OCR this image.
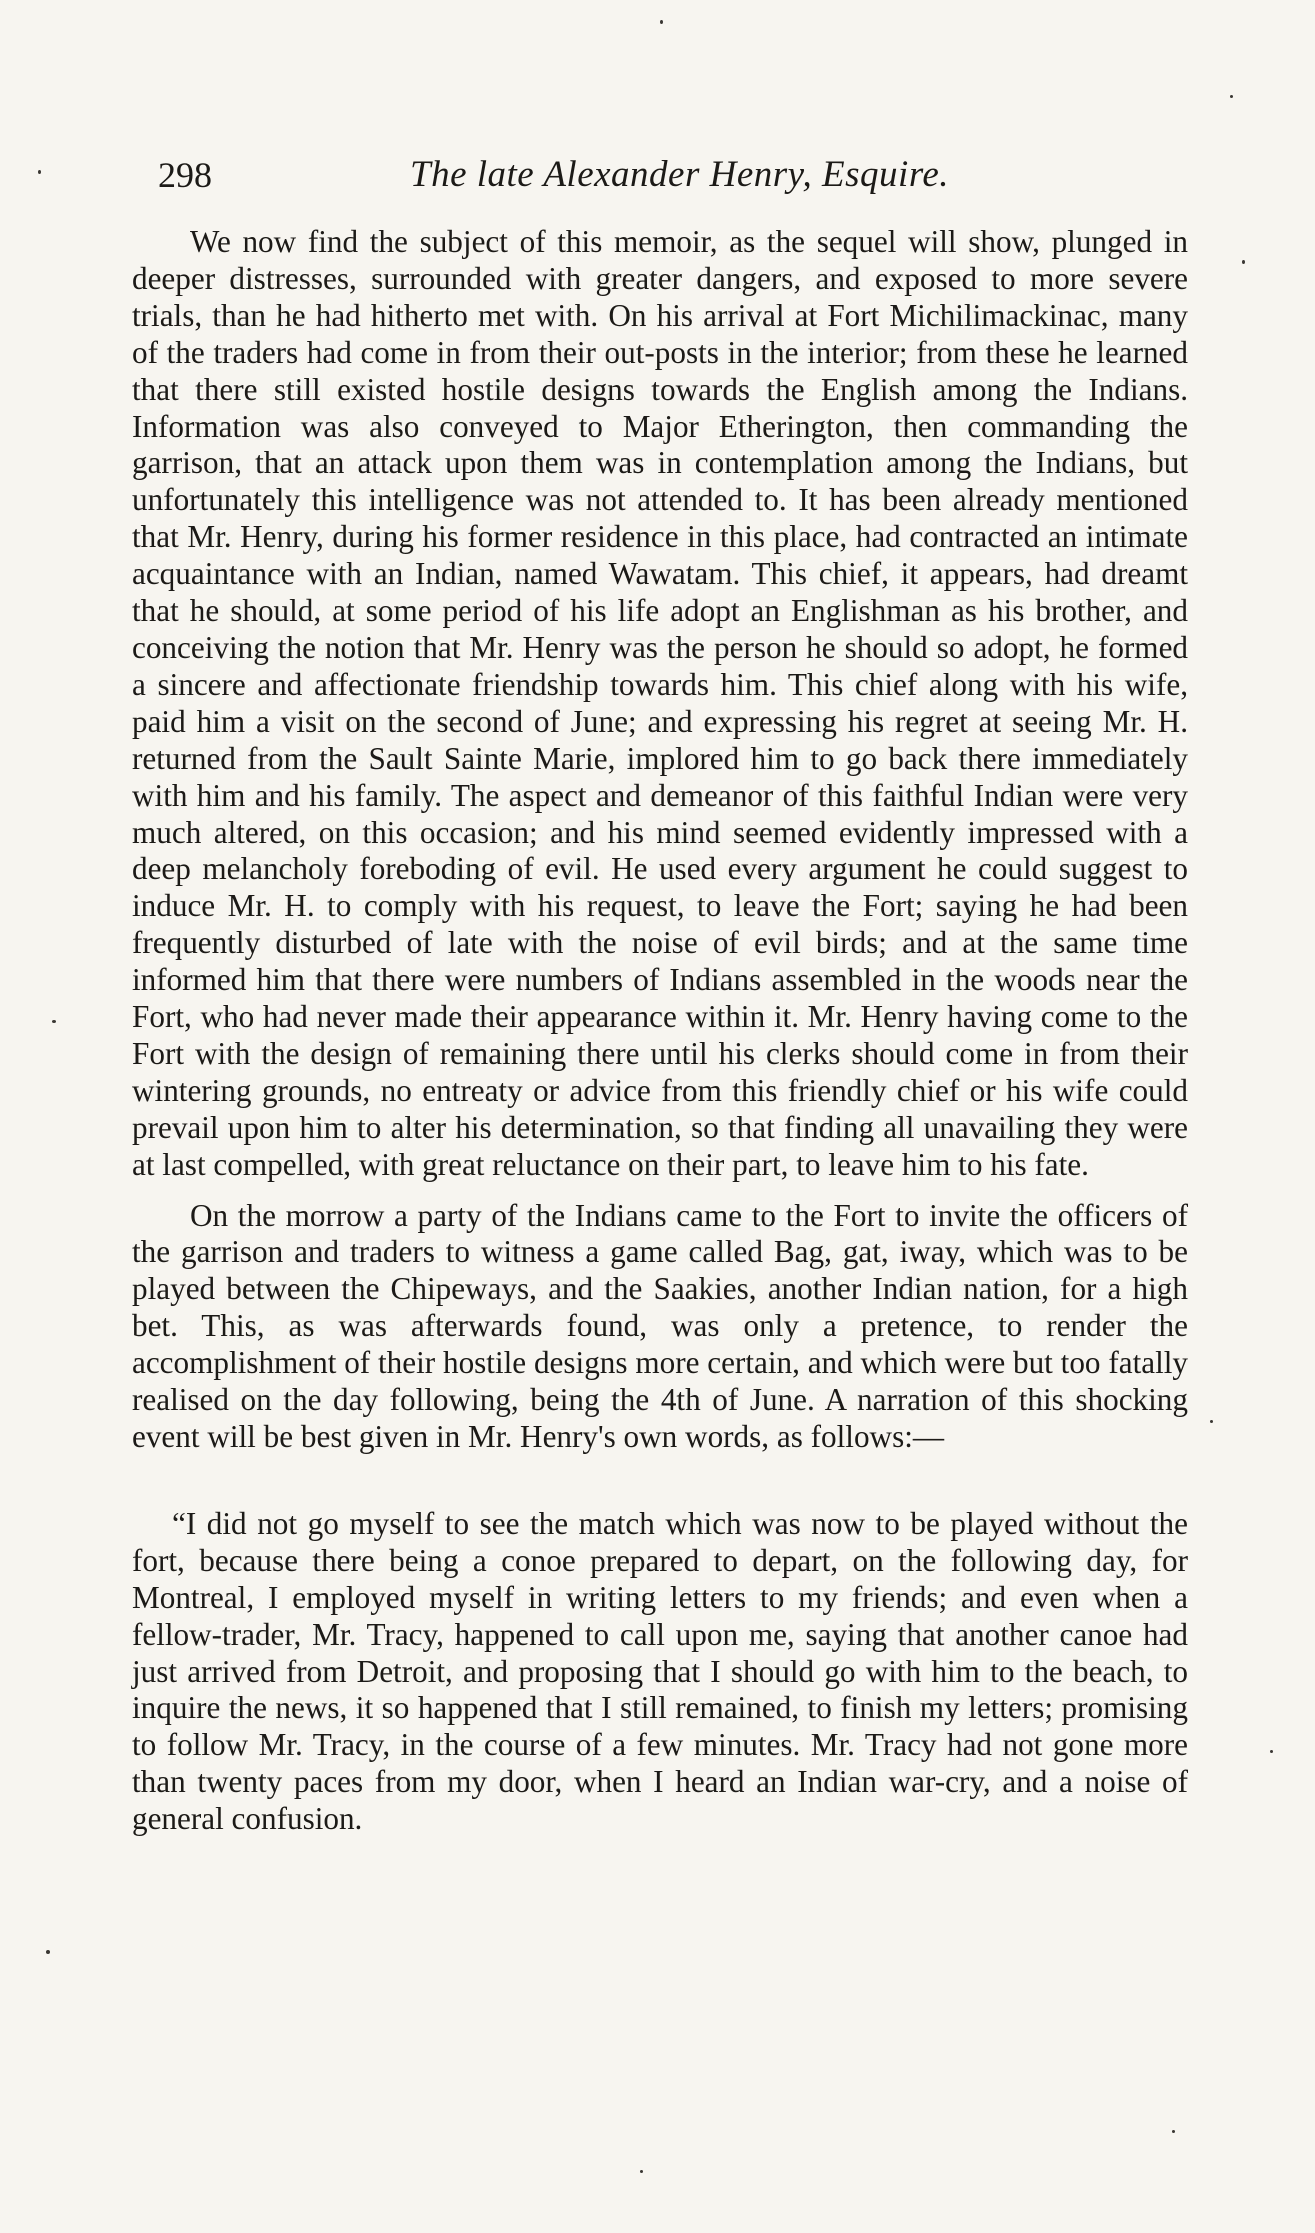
298	The late Alexander Henry, Esquire.

We now find the subject of this memoir, as the sequel will show, plunged in deeper distresses, surrounded with greater dangers, and exposed to more severe trials, than he had hitherto met with. On his arrival at Fort Michilimackinac, many of the traders had come in from their out-posts in the interior; from these he learned that there still existed hostile designs towards the English among the Indians. Information was also conveyed to Major Etherington, then commanding the garrison, that an attack upon them was in contemplation among the Indians, but unfortunately this intelligence was not attended to. It has been already mentioned that Mr. Henry, during his former residence in this place, had contracted an intimate acquaintance with an Indian, named Wawatam. This chief, it appears, had dreamt that he should, at some period of his life adopt an Englishman as his brother, and conceiving the notion that Mr. Henry was the person he should so adopt, he formed a sincere and affectionate friendship towards him. This chief along with his wife, paid him a visit on the second of June; and expressing his regret at seeing Mr. H. returned from the Sault Sainte Marie, implored him to go back there immediately with him and his family. The aspect and demeanor of this faithful Indian were very much altered, on this occasion; and his mind seemed evidently impressed with a deep melancholy foreboding of evil. He used every argument he could suggest to induce Mr. H. to comply with his request, to leave the Fort; saying he had been frequently disturbed of late with the noise of evil birds; and at the same time informed him that there were numbers of Indians assembled in the woods near the Fort, who had never made their appearance within it. Mr. Henry having come to the Fort with the design of remaining there until his clerks should come in from their wintering grounds, no entreaty or advice from this friendly chief or his wife could prevail upon him to alter his determination, so that finding all unavailing they were at last compelled, with great reluctance on their part, to leave him to his fate.

On the morrow a party of the Indians came to the Fort to invite the officers of the garrison and traders to witness a game called Bag, gat, iway, which was to be played between the Chipeways, and the Saakies, another Indian nation, for a high bet. This, as was afterwards found, was only a pretence, to render the accomplishment of their hostile designs more certain, and which were but too fatally realised on the day following, being the 4th of June. A narration of this shocking event will be best given in Mr. Henry's own words, as follows:—

“I did not go myself to see the match which was now to be played without the fort, because there being a conoe prepared to depart, on the following day, for Montreal, I employed myself in writing letters to my friends; and even when a fellow-trader, Mr. Tracy, happened to call upon me, saying that another canoe had just arrived from Detroit, and proposing that I should go with him to the beach, to inquire the news, it so happened that I still remained, to finish my letters; promising to follow Mr. Tracy, in the course of a few minutes. Mr. Tracy had not gone more than twenty paces from my door, when I heard an Indian war-cry, and a noise of general confusion.
